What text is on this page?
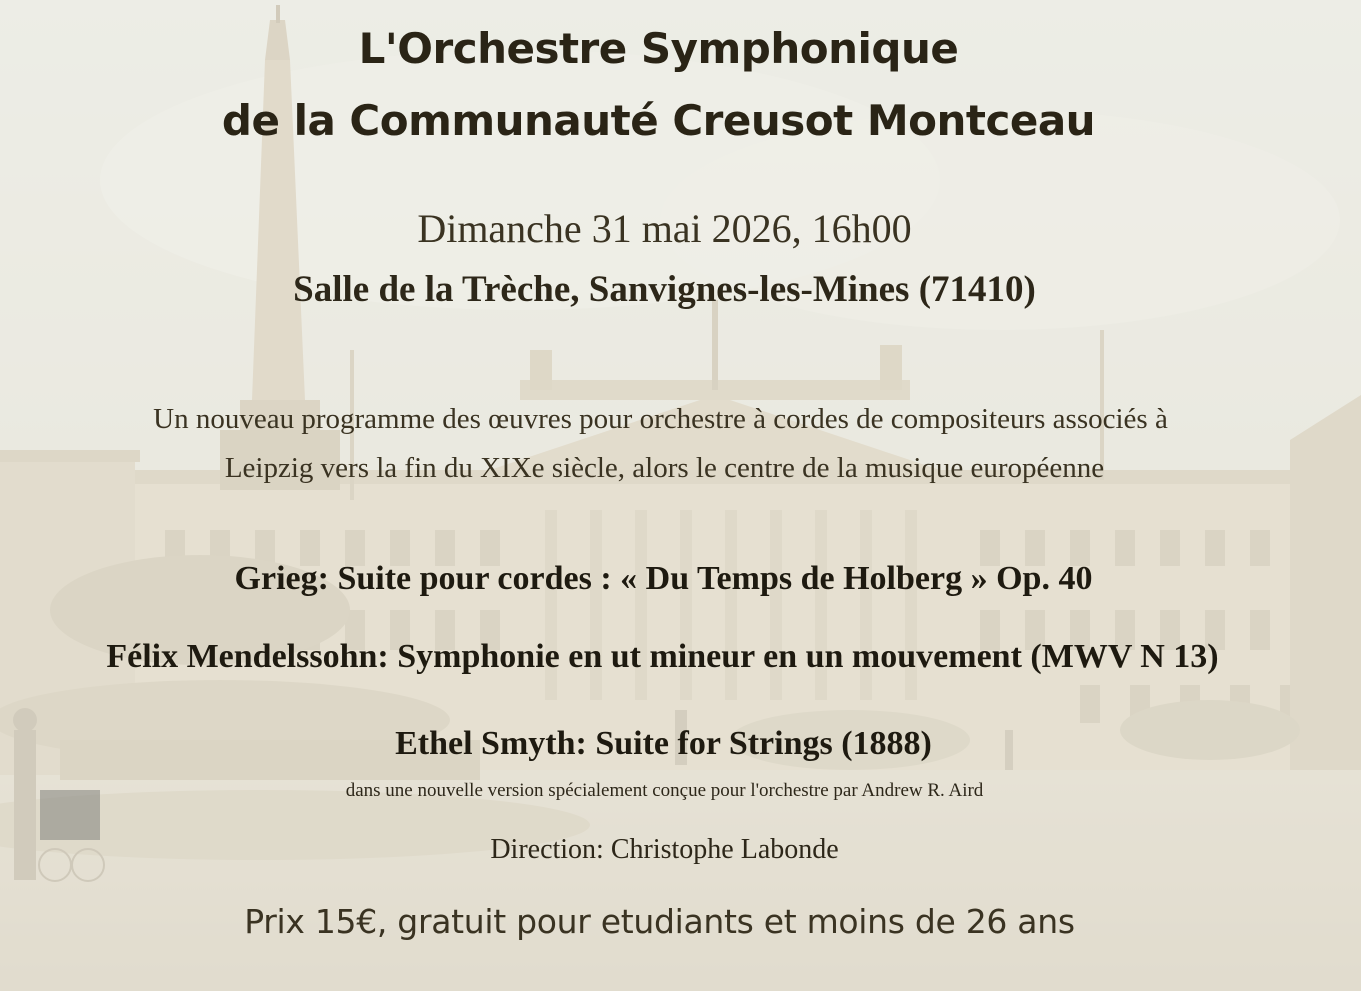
L'Orchestre Symphonique
de la Communauté Creusot Montceau
Dimanche 31 mai 2026, 16h00
Salle de la Trèche, Sanvignes-les-Mines (71410)
Un nouveau programme des œuvres pour orchestre à cordes de compositeurs associés à
Leipzig vers la fin du XIXe siècle, alors le centre de la musique européenne
Grieg: Suite pour cordes : « Du Temps de Holberg » Op. 40
Félix Mendelssohn: Symphonie en ut mineur en un mouvement (MWV N 13)
Ethel Smyth: Suite for Strings (1888)
dans une nouvelle version spécialement conçue pour l'orchestre par Andrew R. Aird
Direction: Christophe Labonde
Prix 15€, gratuit pour etudiants et moins de 26 ans
